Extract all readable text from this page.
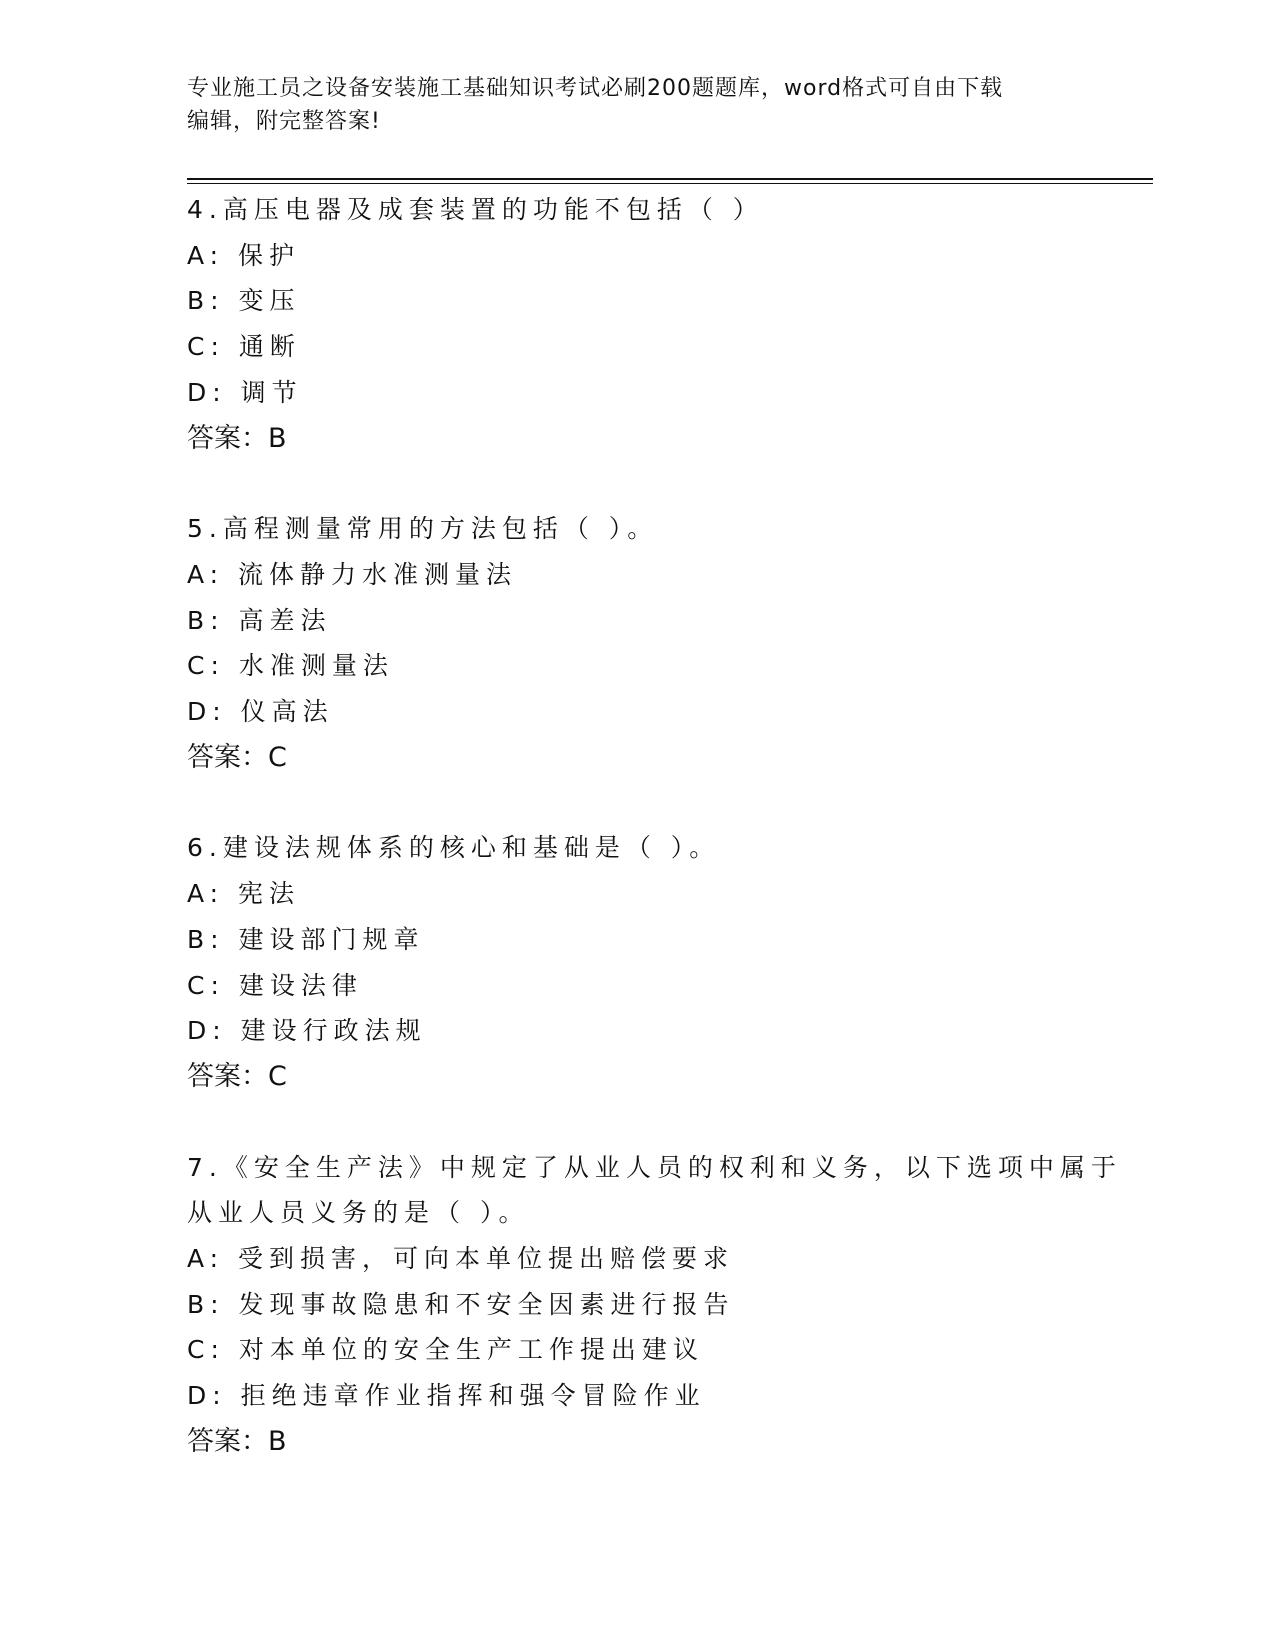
专业施工员之设备安装施工基础知识考试必刷200题题库，word格式可自由下载
编辑，附完整答案!
4.高压电器及成套装置的功能不包括（ ）
A: 保护
B: 变压
C: 通断
D: 调节
答案：B
5.高程测量常用的方法包括（ ）。
A: 流体静力水准测量法
B: 高差法
C: 水准测量法
D: 仪高法
答案：C
6.建设法规体系的核心和基础是（ ）。
A: 宪法
B: 建设部门规章
C: 建设法律
D: 建设行政法规
答案：C
7.《安全生产法》中规定了从业人员的权利和义务，以下选项中属于
从业人员义务的是（ ）。
A: 受到损害，可向本单位提出赔偿要求
B: 发现事故隐患和不安全因素进行报告
C: 对本单位的安全生产工作提出建议
D: 拒绝违章作业指挥和强令冒险作业
答案：B
